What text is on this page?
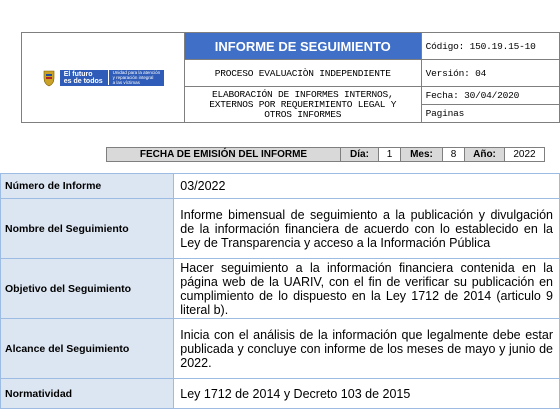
El futuro
es de todos
Unidad para la atención
y reparación integral
a las víctimas	INFORME DE SEGUIMIENTO	Código: 150.19.15-10
	PROCESO EVALUACIÒN INDEPENDIENTE	Versión: 04

	ELABORACIÓN DE INFORMES INTERNOS,
EXTERNOS POR REQUERIMIENTO LEGAL Y
OTROS INFORMES	Fecha: 30/04/2020
		Paginas
FECHA DE EMISIÓN DEL INFORME	Día:	1	Mes:	8	Año:	2022
Número de Informe	03/2022
Nombre del Seguimiento	Informe bimensual de seguimiento a la publicación y divulgación de la información financiera de acuerdo con lo establecido en la Ley de Transparencia y acceso a la Información Pública
Objetivo del Seguimiento	Hacer seguimiento a la información financiera contenida en la página web de la UARIV, con el fin de verificar su publicación en cumplimiento de lo dispuesto en la Ley 1712 de 2014 (articulo 9 literal b).
Alcance del Seguimiento	Inicia con el análisis de la información que legalmente debe estar publicada y concluye con informe de los meses de mayo y junio de 2022.
Normatividad	Ley 1712 de 2014 y Decreto 103 de 2015
